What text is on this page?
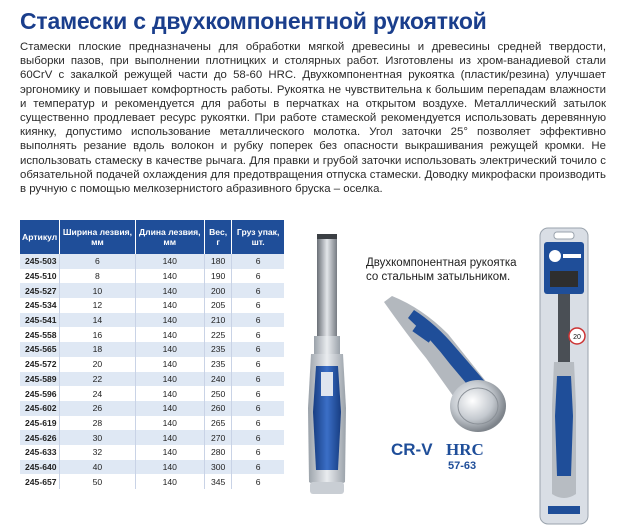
Стамески с двухкомпонентной рукояткой
Стамески плоские предназначены для обработки мягкой древесины и древесины средней твердости, выборки пазов, при выполнении плотницких и столярных работ. Изготовлены из хром-ванадиевой стали 60CrV с закалкой режущей части до 58-60 HRC. Двухкомпонентная рукоятка (пластик/резина) улучшает эргономику и повышает комфортность работы. Рукоятка не чувствительна к большим перепадам влажности и температур и рекомендуется для работы в перчатках на открытом воздухе. Металлический затылок существенно продлевает ресурс рукоятки. При работе стамеской рекомендуется использовать деревянную киянку, допустимо использование металлического молотка. Угол заточки 25° позволяет эффективно выполнять резание вдоль волокон и рубку поперек без опасности выкрашивания режущей кромки. Не использовать стамеску в качестве рычага. Для правки и грубой заточки использовать электрический точило с обязательной подачей охлаждения для предотвращения отпуска стамески. Доводку микрофаски производить в ручную с помощью мелкозернистого абразивного бруска – оселка.
Артикул	Ширина лезвия, мм	Длина лезвия, мм	Вес, г	Груз упак, шт.
245-503	6	140	180	6
245-510	8	140	190	6
245-527	10	140	200	6
245-534	12	140	205	6
245-541	14	140	210	6
245-558	16	140	225	6
245-565	18	140	235	6
245-572	20	140	235	6
245-589	22	140	240	6
245-596	24	140	250	6
245-602	26	140	260	6
245-619	28	140	265	6
245-626	30	140	270	6
245-633	32	140	280	6
245-640	40	140	300	6
245-657	50	140	345	6
20
Двухкомпонентная рукоятка со стальным затыльником.
CR-V HRC
57-63
